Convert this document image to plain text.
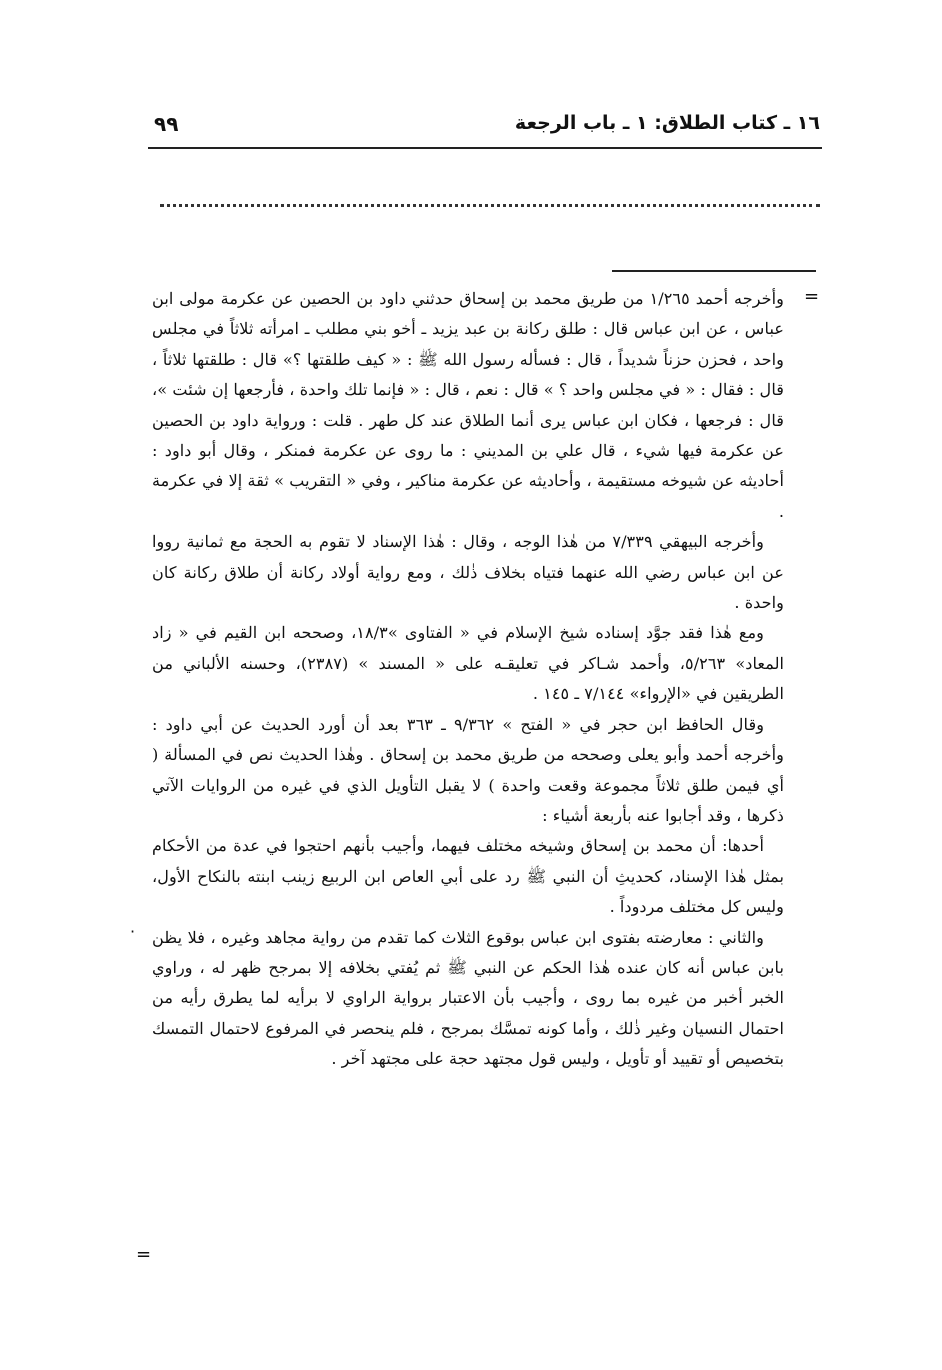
١٦ ـ كتاب الطلاق: ١ ـ باب الرجعة
٩٩
=
·
=

وأخرجه أحمد ١/٢٦٥ من طريق محمد بن إسحاق حدثني داود بن الحصين عن عكرمة مولى ابن عباس ، عن ابن عباس قال : طلق ركانة بن عبد يزيد ـ أخو بني مطلب ـ امرأته ثلاثاً في مجلس واحد ، فحزن حزناً شديداً ، قال : فسأله رسول الله ﷺ : « كيف طلقتها ؟» قال : طلقتها ثلاثاً ، قال : فقال : « في مجلس واحد ؟ » قال : نعم ، قال : « فإنما تلك واحدة ، فأرجعها إن شئت »، قال : فرجعها ، فكان ابن عباس يرى أنما الطلاق عند كل طهر . قلت : ورواية داود بن الحصين عن عكرمة فيها شيء ، قال علي بن المديني : ما روى عن عكرمة فمنكر ، وقال أبو داود : أحاديثه عن شيوخه مستقيمة ، وأحاديثه عن عكرمة مناكير ، وفي « التقريب » ثقة إلا في عكرمة .

وأخرجه البيهقي ٧/٣٣٩ من هٰذا الوجه ، وقال : هٰذا الإسناد لا تقوم به الحجة مع ثمانية رووا عن ابن عباس رضي الله عنهما فتياه بخلاف ذٰلك ، ومع رواية أولاد ركانة أن طلاق ركانة كان واحدة .

ومع هٰذا فقد جوَّد إسناده شيخ الإسلام في « الفتاوى »١٨/٣، وصححه ابن القيم في « زاد المعاد» ٥/٢٦٣، وأحمد شـاكر في تعليقـه على « المسند » (٢٣٨٧)، وحسنه الألباني من الطريقين في «الإرواء» ٧/١٤٤ ـ ١٤٥ .

وقال الحافظ ابن حجر في « الفتح » ٩/٣٦٢ ـ ٣٦٣ بعد أن أورد الحديث عن أبي داود : وأخرجه أحمد وأبو يعلى وصححه من طريق محمد بن إسحاق . وهٰذا الحديث نص في المسألة ( أي فيمن طلق ثلاثاً مجموعة وقعت واحدة ) لا يقبل التأويل الذي في غيره من الروايات الآتي ذكرها ، وقد أجابوا عنه بأربعة أشياء :

أحدها: أن محمد بن إسحاق وشيخه مختلف فيهما، وأجيب بأنهم احتجوا في عدة من الأحكام بمثل هٰذا الإسناد، كحديثِ أن النبي ﷺ رد على أبي العاص ابن الربيع زينب ابنته بالنكاح الأول، وليس كل مختلف مردوداً .

والثاني : معارضته بفتوى ابن عباس بوقوع الثلاث كما تقدم من رواية مجاهد وغيره ، فلا يظن بابن عباس أنه كان عنده هٰذا الحكم عن النبي ﷺ ثم يُفتي بخلافه إلا بمرجح ظهر له ، وراوي الخبر أخبر من غيره بما روى ، وأجيب بأن الاعتبار برواية الراوي لا برأيه لما يطرق رأيه من احتمال النسيان وغير ذٰلك ، وأما كونه تمسَّك بمرجح ، فلم ينحصر في المرفوع لاحتمال التمسك بتخصيص أو تقييد أو تأويل ، وليس قول مجتهد حجة على مجتهد آخر .
